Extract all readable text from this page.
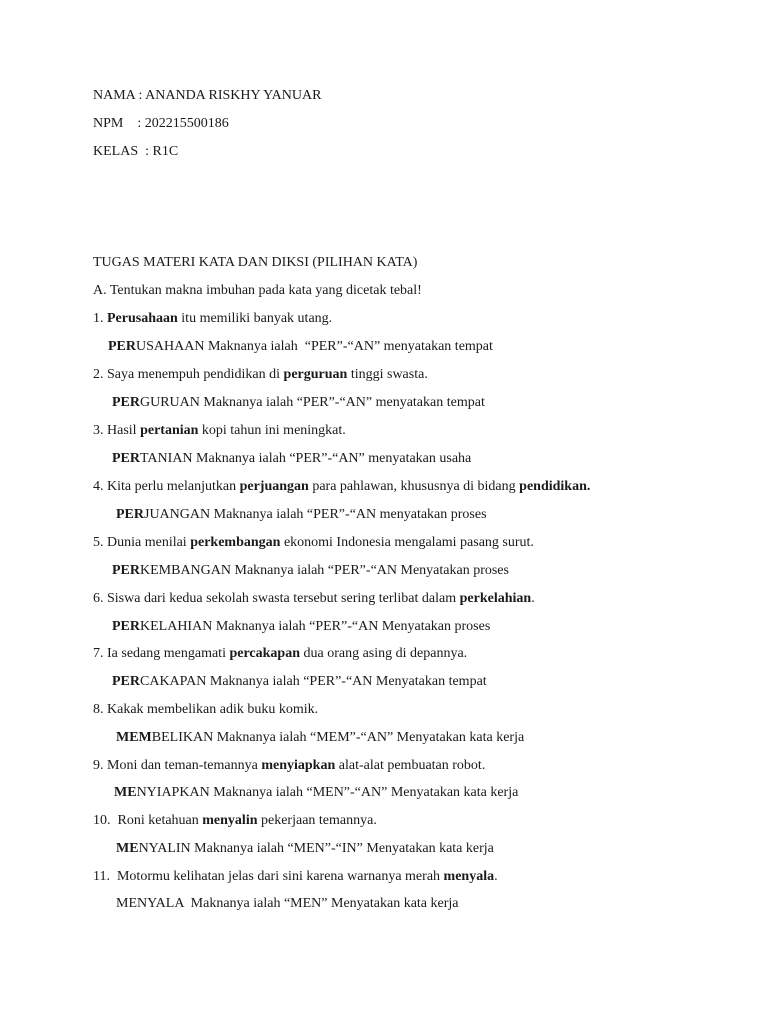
NAMA : ANANDA RISKHY YANUAR
NPM    : 202215500186
KELAS  : R1C
TUGAS MATERI KATA DAN DIKSI (PILIHAN KATA)
A. Tentukan makna imbuhan pada kata yang dicetak tebal!
1. Perusahaan itu memiliki banyak utang.
PERUSAHAAN Maknanya ialah  “PER”-“AN” menyatakan tempat
2. Saya menempuh pendidikan di perguruan tinggi swasta.
PERGURUAN Maknanya ialah “PER”-“AN” menyatakan tempat
3. Hasil pertanian kopi tahun ini meningkat.
PERTANIAN Maknanya ialah “PER”-“AN” menyatakan usaha
4. Kita perlu melanjutkan perjuangan para pahlawan, khususnya di bidang pendidikan.
PERJUANGAN Maknanya ialah “PER”-“AN menyatakan proses
5. Dunia menilai perkembangan ekonomi Indonesia mengalami pasang surut.
PERKEMBANGAN Maknanya ialah “PER”-“AN Menyatakan proses
6. Siswa dari kedua sekolah swasta tersebut sering terlibat dalam perkelahian.
PERKELAHIAN Maknanya ialah “PER”-“AN Menyatakan proses
7. Ia sedang mengamati percakapan dua orang asing di depannya.
PERCAKAPAN Maknanya ialah “PER”-“AN Menyatakan tempat
8. Kakak membelikan adik buku komik.
MEMBELIKAN Maknanya ialah “MEM”-“AN” Menyatakan kata kerja
9. Moni dan teman-temannya menyiapkan alat-alat pembuatan robot.
MENYIAPKAN Maknanya ialah “MEN”-“AN” Menyatakan kata kerja
10.  Roni ketahuan menyalin pekerjaan temannya.
MENYALIN Maknanya ialah “MEN”-“IN” Menyatakan kata kerja
11.  Motormu kelihatan jelas dari sini karena warnanya merah menyala.
MENYALA  Maknanya ialah “MEN” Menyatakan kata kerja
